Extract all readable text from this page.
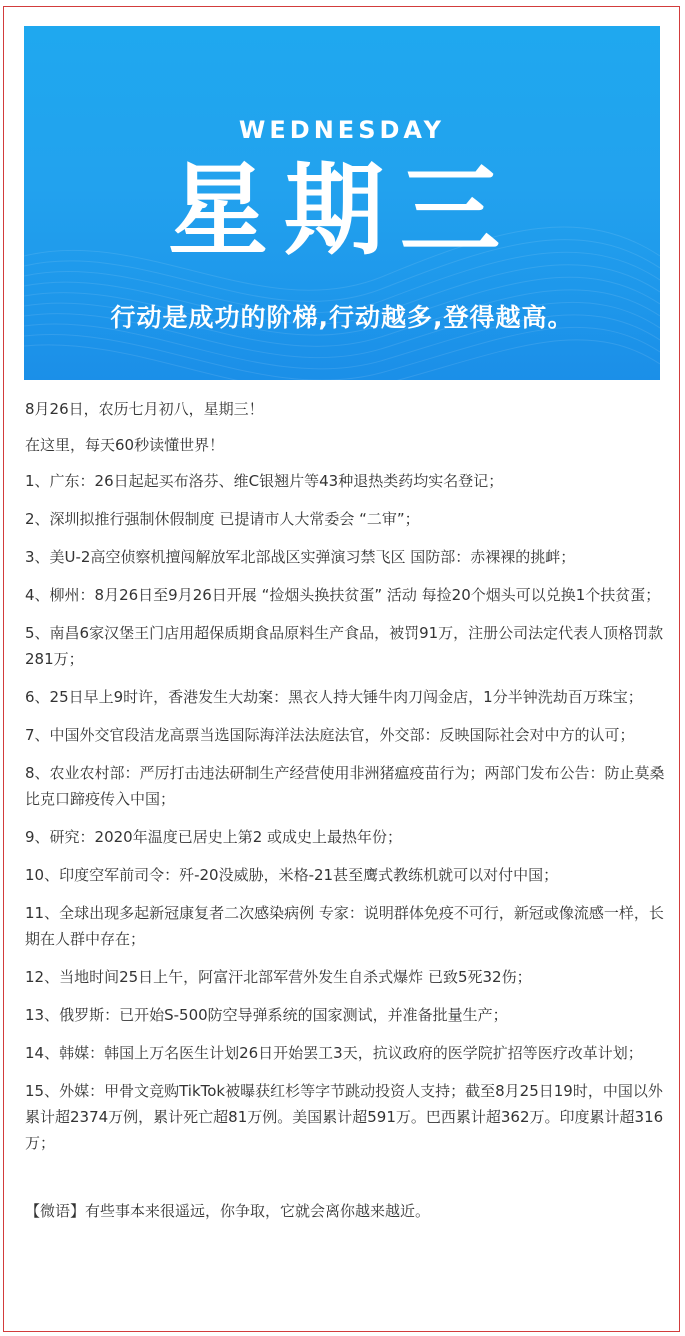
WEDNESDAY
星期三
行动是成功的阶梯,行动越多,登得越高。

8月26日，农历七月初八，星期三！

在这里，每天60秒读懂世界！

1、广东：26日起起买布洛芬、维C银翘片等43种退热类药均实名登记；

2、深圳拟推行强制休假制度 已提请市人大常委会 “二审”；

3、美U-2高空侦察机擅闯解放军北部战区实弹演习禁飞区 国防部：赤裸裸的挑衅；

4、柳州：8月26日至9月26日开展 “捡烟头换扶贫蛋” 活动 每捡20个烟头可以兑换1个扶贫蛋；

5、南昌6家汉堡王门店用超保质期食品原料生产食品，被罚91万，注册公司法定代表人顶格罚款281万；

6、25日早上9时许，香港发生大劫案：黑衣人持大锤牛肉刀闯金店，1分半钟洗劫百万珠宝；

7、中国外交官段洁龙高票当选国际海洋法法庭法官，外交部：反映国际社会对中方的认可；

8、农业农村部：严厉打击违法研制生产经营使用非洲猪瘟疫苗行为；两部门发布公告：防止莫桑比克口蹄疫传入中国；

9、研究：2020年温度已居史上第2 或成史上最热年份；

10、印度空军前司令：歼-20没威胁，米格-21甚至鹰式教练机就可以对付中国；

11、全球出现多起新冠康复者二次感染病例 专家：说明群体免疫不可行，新冠或像流感一样，长期在人群中存在；

12、当地时间25日上午，阿富汗北部军营外发生自杀式爆炸 已致5死32伤；

13、俄罗斯：已开始S-500防空导弹系统的国家测试，并准备批量生产；

14、韩媒：韩国上万名医生计划26日开始罢工3天，抗议政府的医学院扩招等医疗改革计划；

15、外媒：甲骨文竞购TikTok被曝获红杉等字节跳动投资人支持；截至8月25日19时，中国以外累计超2374万例，累计死亡超81万例。美国累计超591万。巴西累计超362万。印度累计超316万；

【微语】有些事本来很遥远，你争取，它就会离你越来越近。
